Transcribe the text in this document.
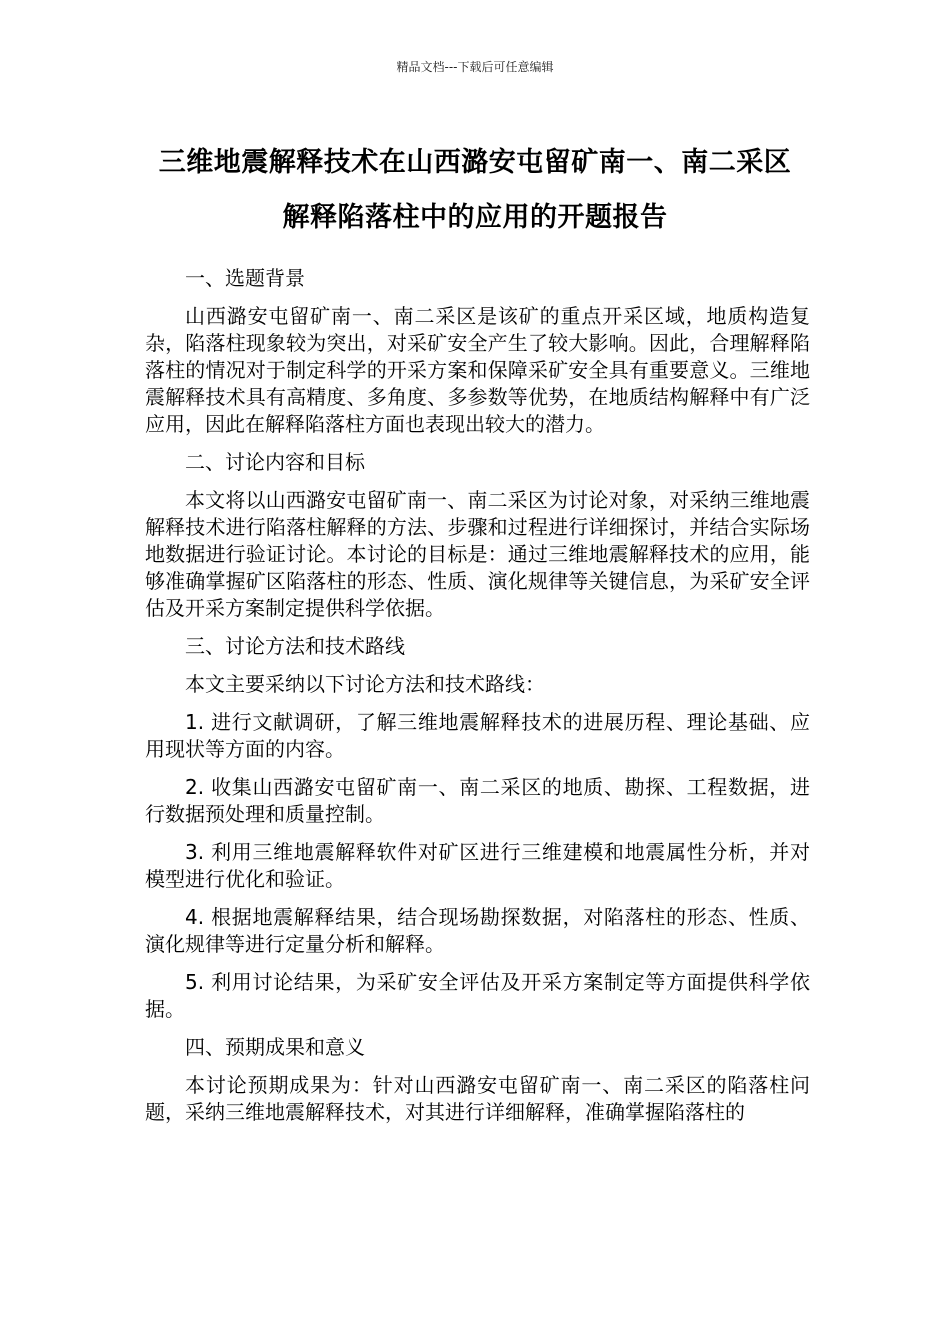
精品文档---下载后可任意编辑
三维地震解释技术在山西潞安屯留矿南一、南二采区
解释陷落柱中的应用的开题报告

一、选题背景

山西潞安屯留矿南一、南二采区是该矿的重点开采区域，地质构造复杂，陷落柱现象较为突出，对采矿安全产生了较大影响。因此，合理解释陷落柱的情况对于制定科学的开采方案和保障采矿安全具有重要意义。三维地震解释技术具有高精度、多角度、多参数等优势，在地质结构解释中有广泛应用，因此在解释陷落柱方面也表现出较大的潜力。

二、讨论内容和目标

本文将以山西潞安屯留矿南一、南二采区为讨论对象，对采纳三维地震解释技术进行陷落柱解释的方法、步骤和过程进行详细探讨，并结合实际场地数据进行验证讨论。本讨论的目标是：通过三维地震解释技术的应用，能够准确掌握矿区陷落柱的形态、性质、演化规律等关键信息，为采矿安全评估及开采方案制定提供科学依据。

三、讨论方法和技术路线

本文主要采纳以下讨论方法和技术路线：

1. 进行文献调研，了解三维地震解释技术的进展历程、理论基础、应用现状等方面的内容。

2. 收集山西潞安屯留矿南一、南二采区的地质、勘探、工程数据，进行数据预处理和质量控制。

3. 利用三维地震解释软件对矿区进行三维建模和地震属性分析，并对模型进行优化和验证。

4. 根据地震解释结果，结合现场勘探数据，对陷落柱的形态、性质、演化规律等进行定量分析和解释。

5. 利用讨论结果，为采矿安全评估及开采方案制定等方面提供科学依据。

四、预期成果和意义

本讨论预期成果为：针对山西潞安屯留矿南一、南二采区的陷落柱问题，采纳三维地震解释技术，对其进行详细解释，准确掌握陷落柱的
